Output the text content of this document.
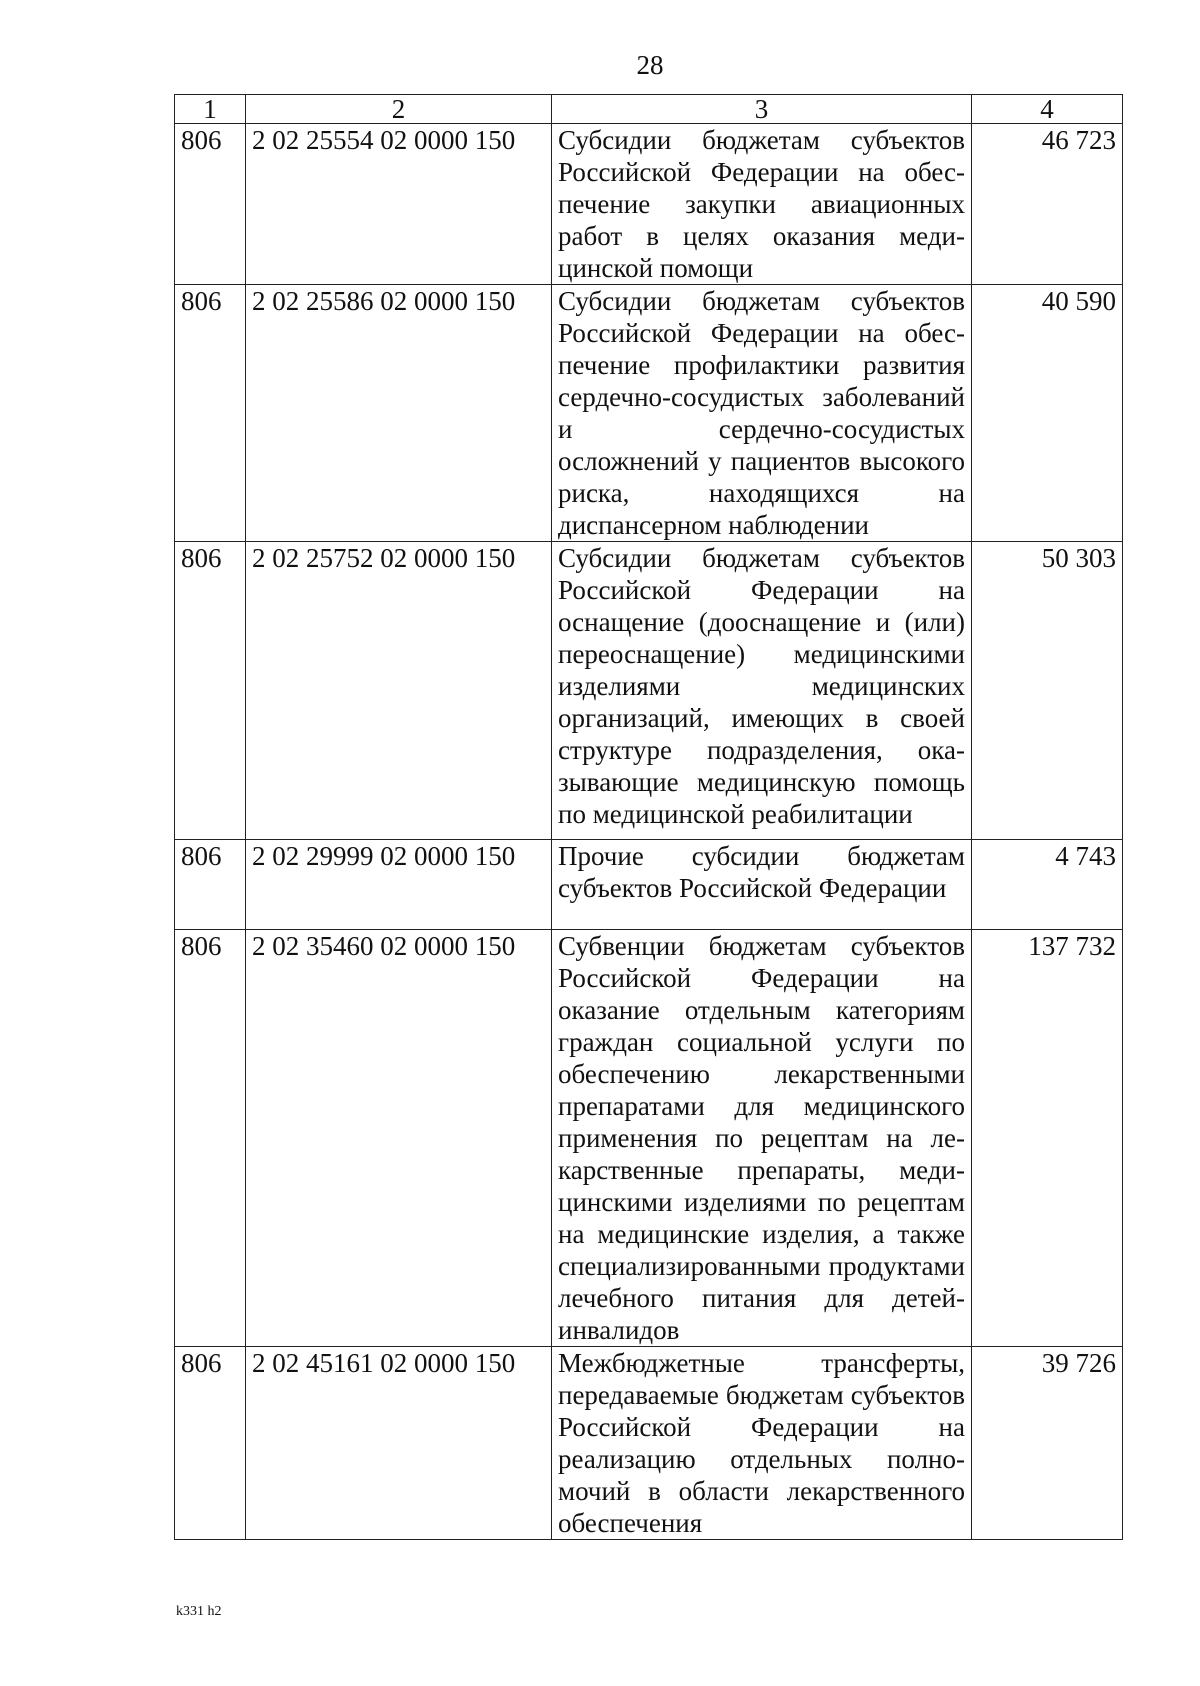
28
1	2	3	4
806	2 02 25554 02 0000 150	Субсидии бюджетам субъектов Российской Федерации на обеспечение закупки авиационных работ в целях оказания медицинской помощи	46 723
806	2 02 25586 02 0000 150	Субсидии бюджетам субъектов Российской Федерации на обеспечение профилактики развития сердечно-сосудистых заболеваний и сердечно-сосудистых осложнений у пациентов высокого риска, находящихся на диспансерном наблюдении	40 590
806	2 02 25752 02 0000 150	Субсидии бюджетам субъектов Российской Федерации на оснащение (дооснащение и (или) переоснащение) медицинскими изделиями медицинских организаций, имеющих в своей структуре подразделения, оказывающие медицинскую помощь по медицинской реабилитации	50 303
806	2 02 29999 02 0000 150	Прочие субсидии бюджетам субъектов Российской Федерации	4 743
806	2 02 35460 02 0000 150	Субвенции бюджетам субъектов Российской Федерации на оказание отдельным категориям граждан социальной услуги по обеспечению лекарственными препаратами для медицинского применения по рецептам на лекарственные препараты, медицинскими изделиями по рецептам на медицинские изделия, а также специализированными продуктами лечебного питания для детей-инвалидов	137 732
806	2 02 45161 02 0000 150	Межбюджетные трансферты, передаваемые бюджетам субъектов Российской Федерации на реализацию отдельных полномочий в области лекарственного обеспечения	39 726
k331 h2
